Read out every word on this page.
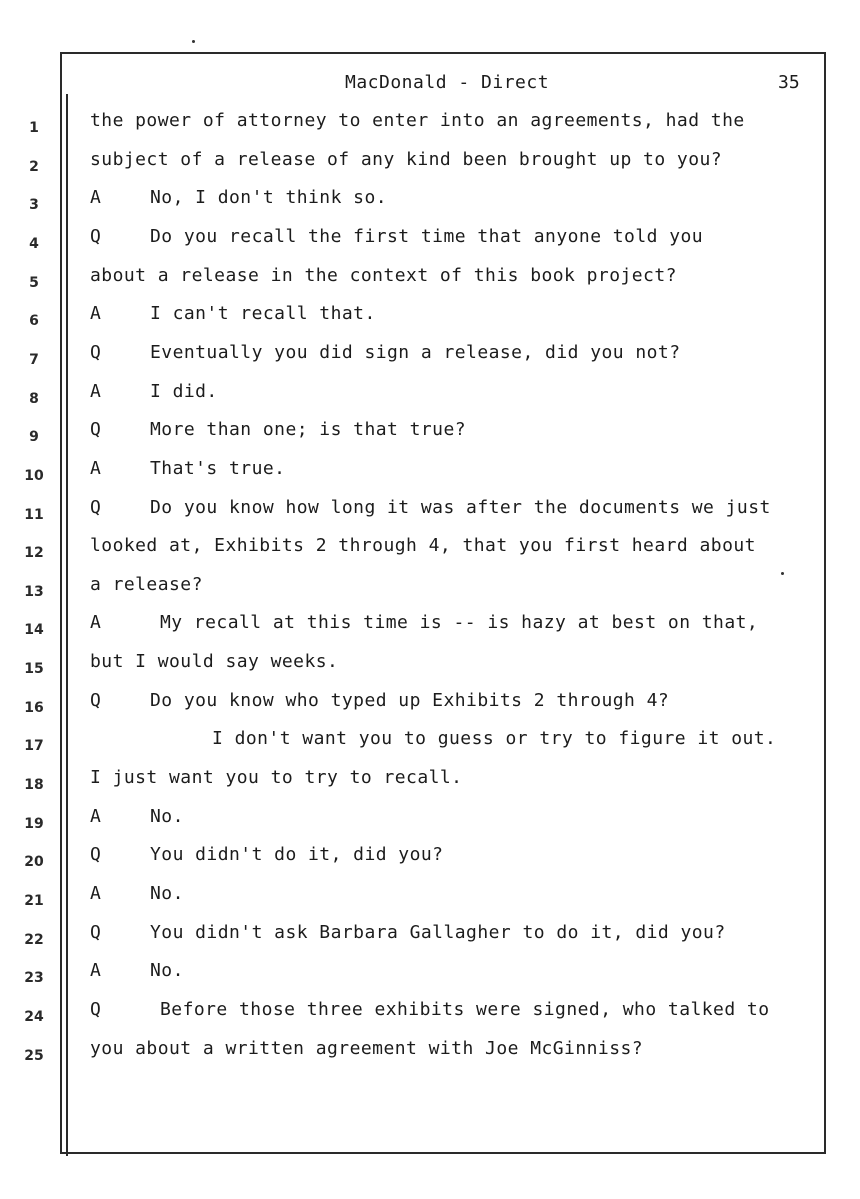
MacDonald - Direct	35
1	the power of attorney to enter into an agreements, had the
2	subject of a release of any kind been brought up to you?
3	A	No, I don't think so.
4	Q	Do you recall the first time that anyone told you
5	about a release in the context of this book project?
6	A	I can't recall that.
7	Q	Eventually you did sign a release, did you not?
8	A	I did.
9	Q	More than one; is that true?
10	A	That's true.
11	Q	Do you know how long it was after the documents we just
12	looked at, Exhibits 2 through 4, that you first heard about
13	a release?
14	A	My recall at this time is -- is hazy at best on that,
15	but I would say weeks.
16	Q	Do you know who typed up Exhibits 2 through 4?
17	I don't want you to guess or try to figure it out.
18	I just want you to try to recall.
19	A	No.
20	Q	You didn't do it, did you?
21	A	No.
22	Q	You didn't ask Barbara Gallagher to do it, did you?
23	A	No.
24	Q	Before those three exhibits were signed, who talked to
25	you about a written agreement with Joe McGinniss?
